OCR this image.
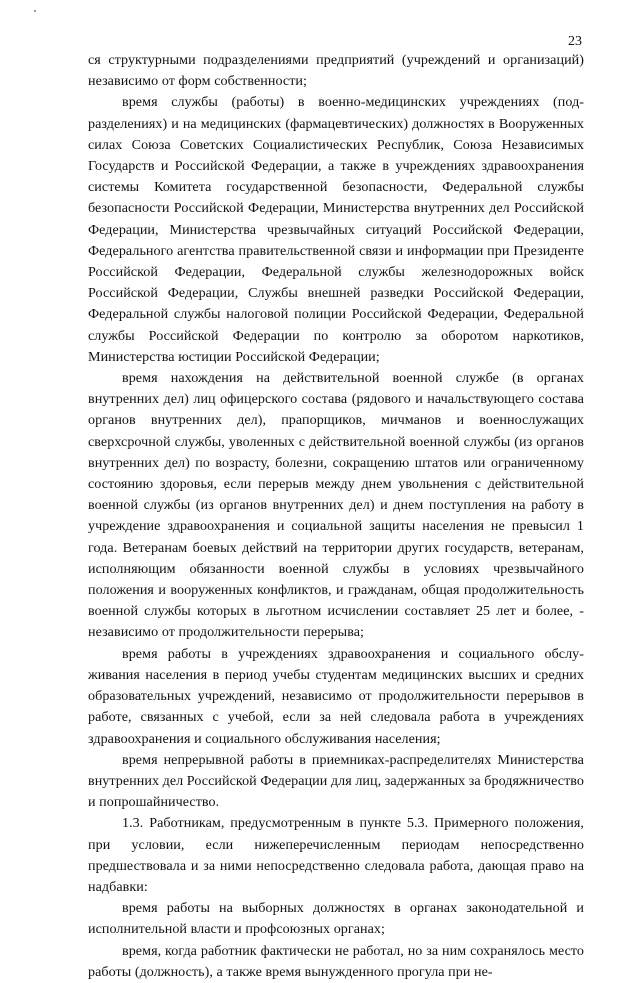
23

ся структурными подразделениями предприятий (учреждений и организаций) независимо от форм собственности;

время службы (работы) в военно-медицинских учреждениях (подразделениях) и на медицинских (фармацевтических) должностях в Вооруженных силах Союза Советских Социалистических Республик, Союза Независимых Государств и Российской Федерации, а также в учреждениях здравоохранения системы Комитета государственной безопасности, Федеральной службы безопасности Российской Федерации, Министерства внутренних дел Российской Федерации, Министерства чрезвычайных ситуаций Российской Федерации, Федерального агентства правительственной связи и информации при Президенте Российской Федерации, Федеральной службы железнодорожных войск Российской Федерации, Службы внешней разведки Российской Федерации, Федеральной службы налоговой полиции Российской Федерации, Федеральной службы Российской Федерации по контролю за оборотом наркотиков, Министерства юстиции Российской Федерации;

время нахождения на действительной военной службе (в органах внутренних дел) лиц офицерского состава (рядового и начальствующего состава органов внутренних дел), прапорщиков, мичманов и военнослужащих сверхсрочной службы, уволенных с действительной военной службы (из органов внутренних дел) по возрасту, болезни, сокращению штатов или ограниченному состоянию здоровья, если перерыв между днем увольнения с действительной военной службы (из органов внутренних дел) и днем поступления на работу в учреждение здравоохранения и социальной защиты населения не превысил 1 года. Ветеранам боевых действий на территории других государств, ветеранам, исполняющим обязанности военной службы в условиях чрезвычайного положения и вооруженных конфликтов, и гражданам, общая продолжительность военной службы которых в льготном исчислении составляет 25 лет и более, - независимо от продолжительности перерыва;

время работы в учреждениях здравоохранения и социального обслуживания населения в период учебы студентам медицинских высших и средних образовательных учреждений, независимо от продолжительности перерывов в работе, связанных с учебой, если за ней следовала работа в учреждениях здравоохранения и социального обслуживания населения;

время непрерывной работы в приемниках-распределителях Министерства внутренних дел Российской Федерации для лиц, задержанных за бродяжничество и попрошайничество.

1.3. Работникам, предусмотренным в пункте 5.3. Примерного положения, при условии, если нижеперечисленным периодам непосредственно предшествовала и за ними непосредственно следовала работа, дающая право на надбавки:

время работы на выборных должностях в органах законодательной и исполнительной власти и профсоюзных органах;

время, когда работник фактически не работал, но за ним сохранялось место работы (должность), а также время вынужденного прогула при не-
